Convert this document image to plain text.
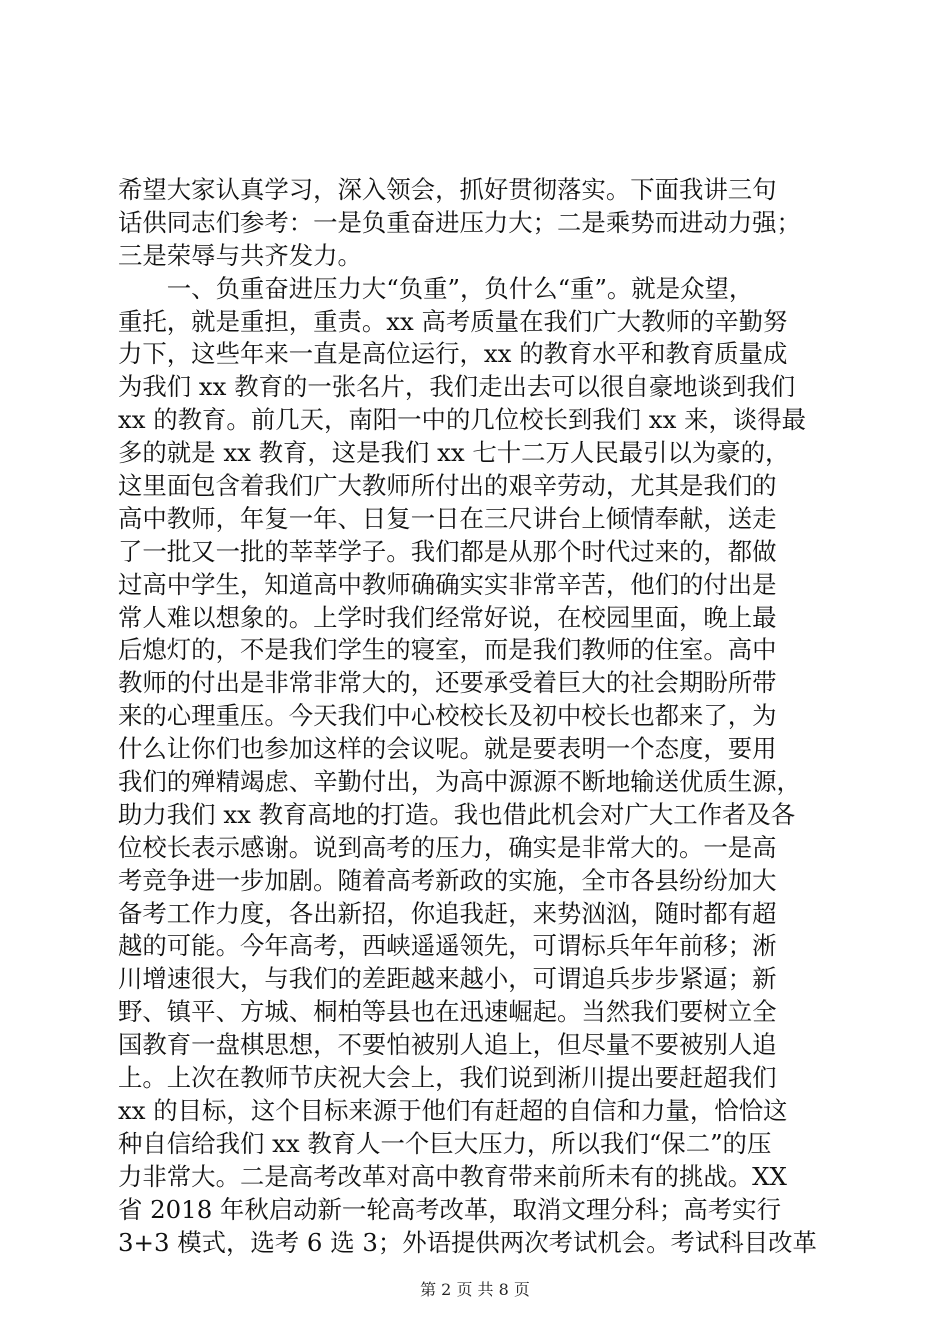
希望大家认真学习，深入领会，抓好贯彻落实。下面我讲三句
话供同志们参考：一是负重奋进压力大；二是乘势而进动力强；
三是荣辱与共齐发力。
　　一、负重奋进压力大“负重”，负什么“重”。就是众望，
重托，就是重担，重责。xx 高考质量在我们广大教师的辛勤努
力下，这些年来一直是高位运行，xx 的教育水平和教育质量成
为我们 xx 教育的一张名片，我们走出去可以很自豪地谈到我们
xx 的教育。前几天，南阳一中的几位校长到我们 xx 来，谈得最
多的就是 xx 教育，这是我们 xx 七十二万人民最引以为豪的，
这里面包含着我们广大教师所付出的艰辛劳动，尤其是我们的
高中教师，年复一年、日复一日在三尺讲台上倾情奉献，送走
了一批又一批的莘莘学子。我们都是从那个时代过来的，都做
过高中学生，知道高中教师确确实实非常辛苦，他们的付出是
常人难以想象的。上学时我们经常好说，在校园里面，晚上最
后熄灯的，不是我们学生的寝室，而是我们教师的住室。高中
教师的付出是非常非常大的，还要承受着巨大的社会期盼所带
来的心理重压。今天我们中心校校长及初中校长也都来了，为
什么让你们也参加这样的会议呢。就是要表明一个态度，要用
我们的殚精竭虑、辛勤付出，为高中源源不断地输送优质生源，
助力我们 xx 教育高地的打造。我也借此机会对广大工作者及各
位校长表示感谢。说到高考的压力，确实是非常大的。一是高
考竞争进一步加剧。随着高考新政的实施，全市各县纷纷加大
备考工作力度，各出新招，你追我赶，来势汹汹，随时都有超
越的可能。今年高考，西峡遥遥领先，可谓标兵年年前移；淅
川增速很大，与我们的差距越来越小，可谓追兵步步紧逼；新
野、镇平、方城、桐柏等县也在迅速崛起。当然我们要树立全
国教育一盘棋思想，不要怕被别人追上，但尽量不要被别人追
上。上次在教师节庆祝大会上，我们说到淅川提出要赶超我们
xx 的目标，这个目标来源于他们有赶超的自信和力量，恰恰这
种自信给我们 xx 教育人一个巨大压力，所以我们“保二”的压
力非常大。二是高考改革对高中教育带来前所未有的挑战。XX
省 2018 年秋启动新一轮高考改革，取消文理分科；高考实行
3+3 模式，选考 6 选 3；外语提供两次考试机会。考试科目改革
第 2 页 共 8 页
